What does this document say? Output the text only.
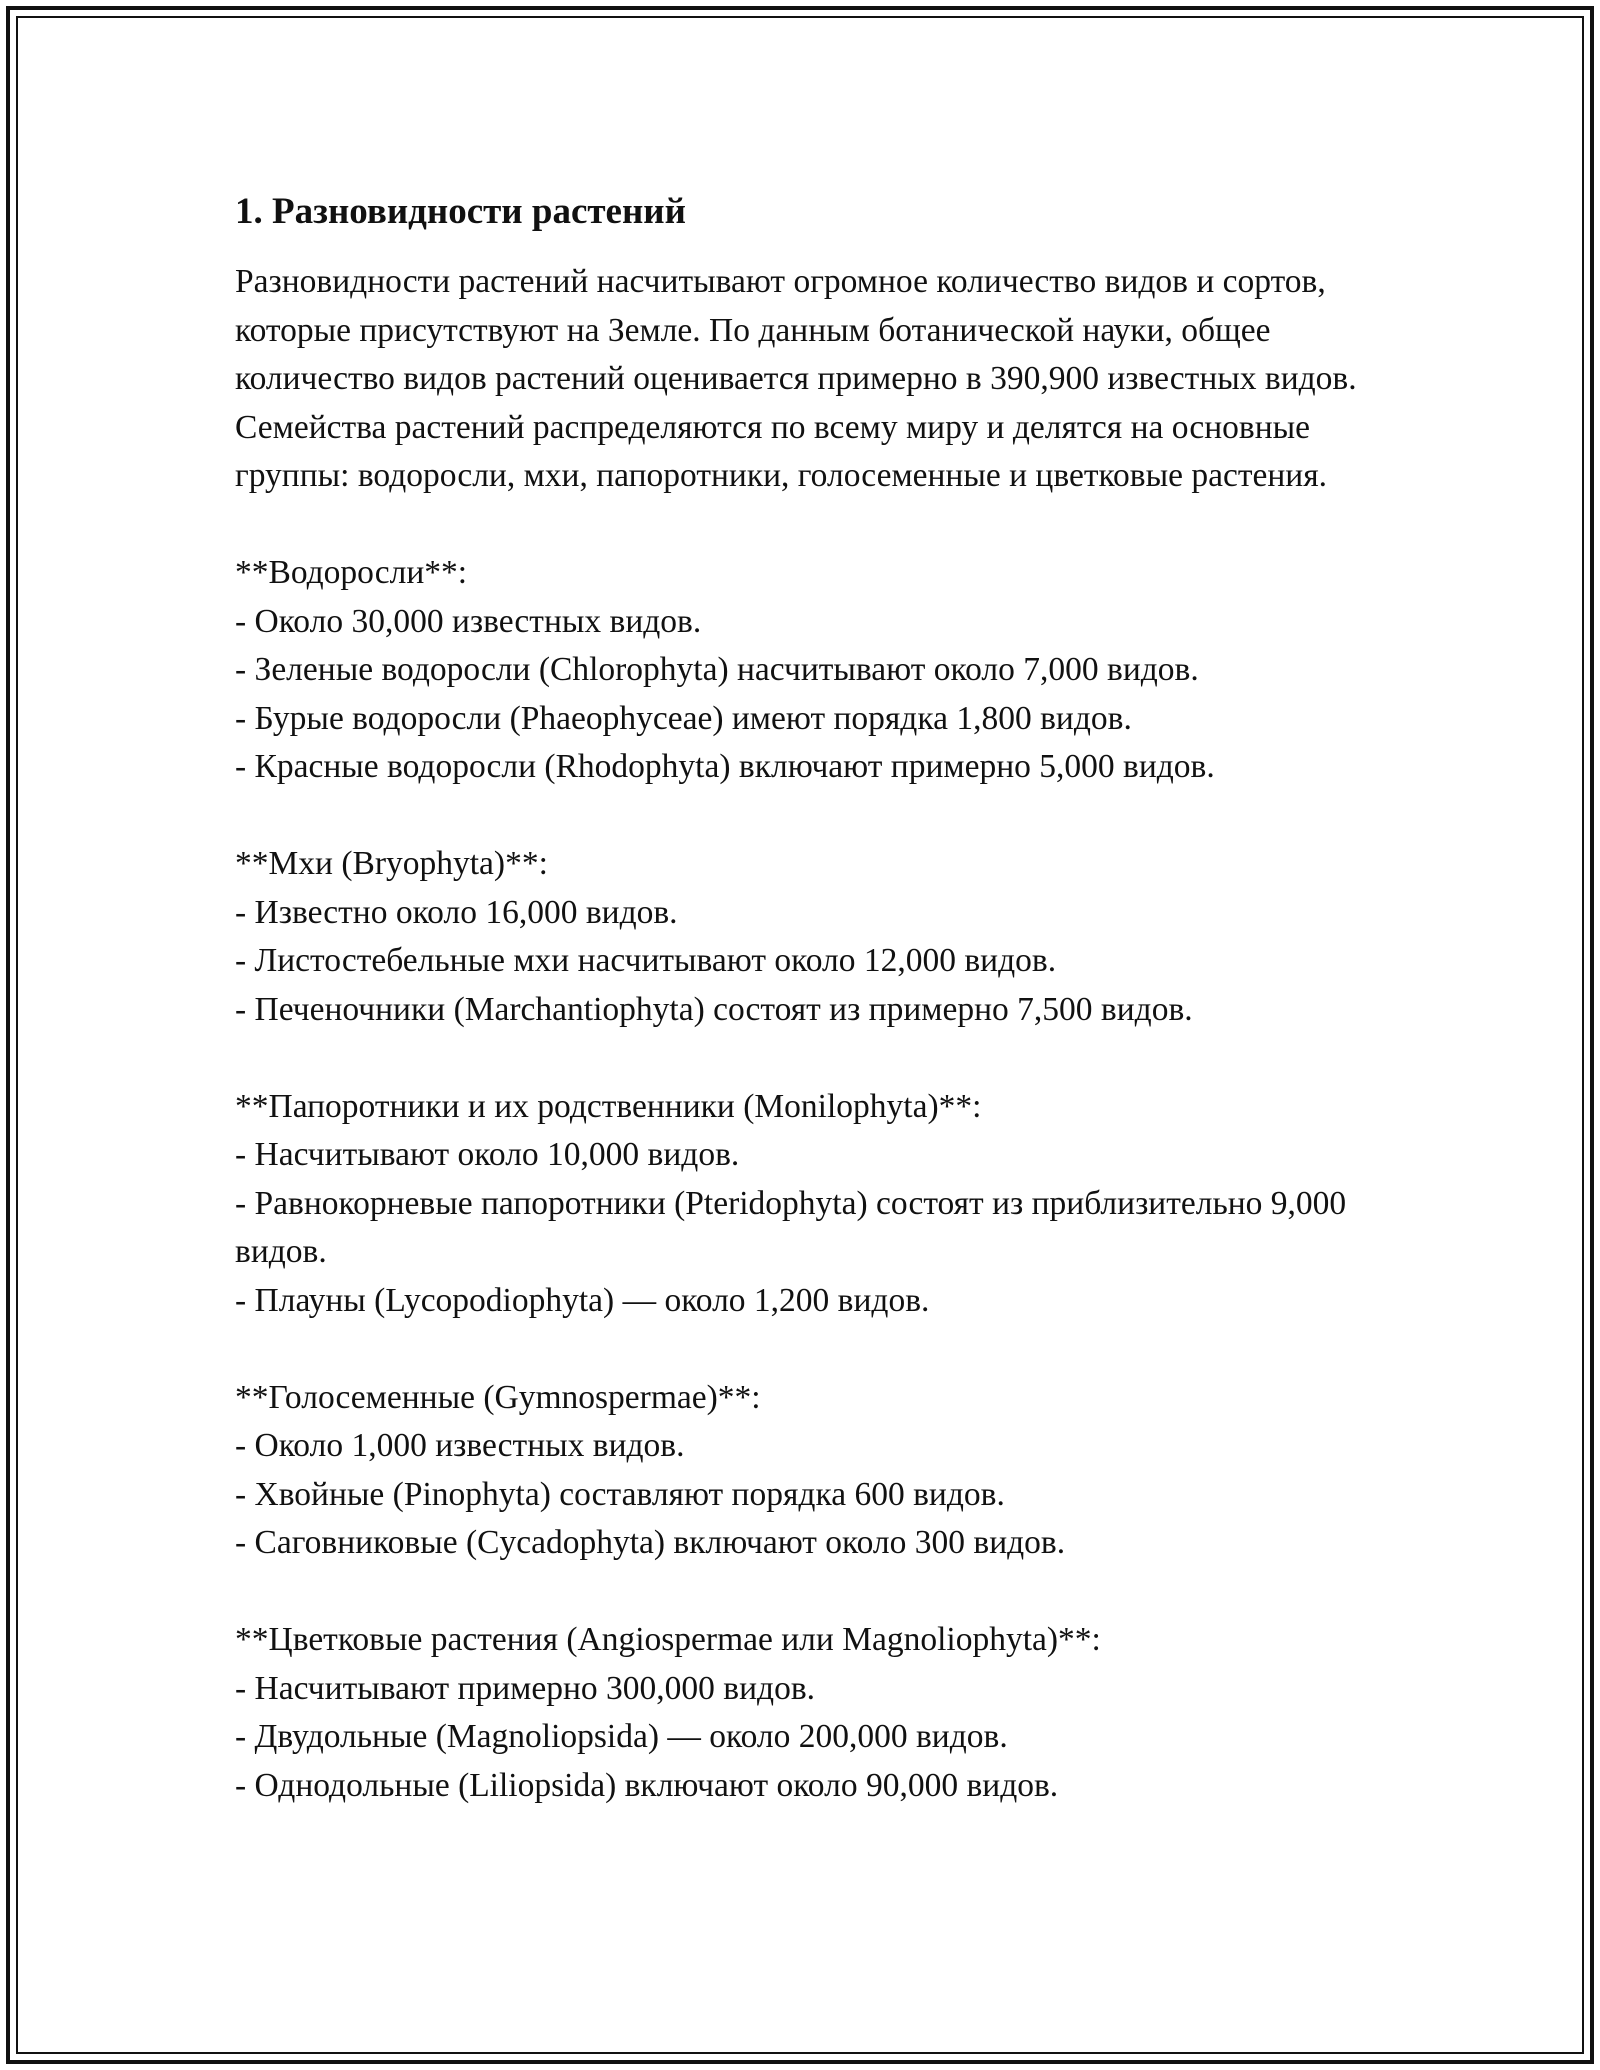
1. Разновидности растений

Разновидности растений насчитывают огромное количество видов и сортов, которые присутствуют на Земле. По данным ботанической науки, общее количество видов растений оценивается примерно в 390,900 известных видов. Семейства растений распределяются по всему миру и делятся на основные группы: водоросли, мхи, папоротники, голосеменные и цветковые растения.

**Водоросли**:
- Около 30,000 известных видов.
- Зеленые водоросли (Chlorophyta) насчитывают около 7,000 видов.
- Бурые водоросли (Phaeophyceae) имеют порядка 1,800 видов.
- Красные водоросли (Rhodophyta) включают примерно 5,000 видов.
**Мхи (Bryophyta)**:
- Известно около 16,000 видов.
- Листостебельные мхи насчитывают около 12,000 видов.
- Печеночники (Marchantiophyta) состоят из примерно 7,500 видов.
**Папоротники и их родственники (Monilophyta)**:
- Насчитывают около 10,000 видов.
- Равнокорневые папоротники (Pteridophyta) состоят из приблизительно 9,000 видов.
- Плауны (Lycopodiophyta) — около 1,200 видов.
**Голосеменные (Gymnospermae)**:
- Около 1,000 известных видов.
- Хвойные (Pinophyta) составляют порядка 600 видов.
- Саговниковые (Cycadophyta) включают около 300 видов.
**Цветковые растения (Angiospermae или Magnoliophyta)**:
- Насчитывают примерно 300,000 видов.
- Двудольные (Magnoliopsida) — около 200,000 видов.
- Однодольные (Liliopsida) включают около 90,000 видов.
